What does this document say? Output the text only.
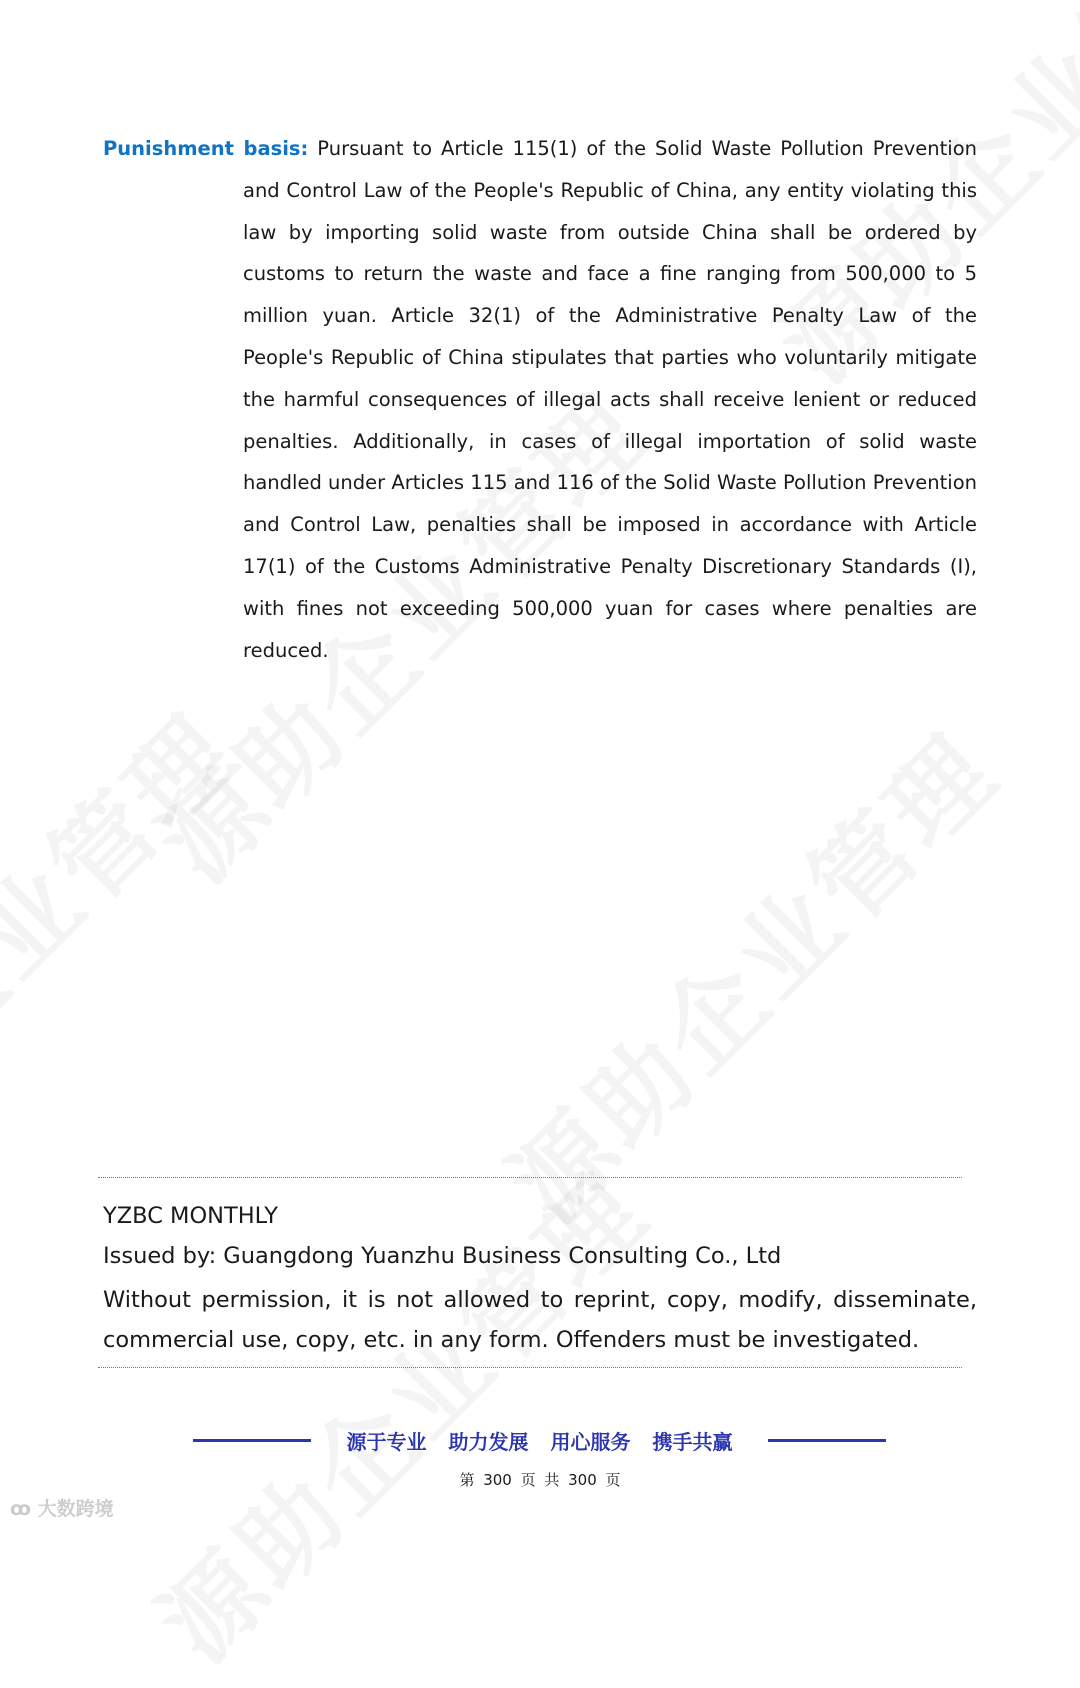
Punishment basis: Pursuant to Article 115(1) of the Solid Waste Pollution Prevention and Control Law of the People's Republic of China, any entity violating this law by importing solid waste from outside China shall be ordered by customs to return the waste and face a fine ranging from 500,000 to 5 million yuan. Article 32(1) of the Administrative Penalty Law of the People's Republic of China stipulates that parties who voluntarily mitigate the harmful consequences of illegal acts shall receive lenient or reduced penalties. Additionally, in cases of illegal importation of solid waste handled under Articles 115 and 116 of the Solid Waste Pollution Prevention and Control Law, penalties shall be imposed in accordance with Article 17(1) of the Customs Administrative Penalty Discretionary Standards (I), with fines not exceeding 500,000 yuan for cases where penalties are reduced.

YZBC MONTHLY
Issued by: Guangdong Yuanzhu Business Consulting Co., Ltd
Without permission, it is not allowed to reprint, copy, modify, disseminate, commercial use, copy, etc. in any form. Offenders must be investigated.
源于专业 助力发展 用心服务 携手共赢
第 300 页 共 300 页
ꝏ 大数跨境
